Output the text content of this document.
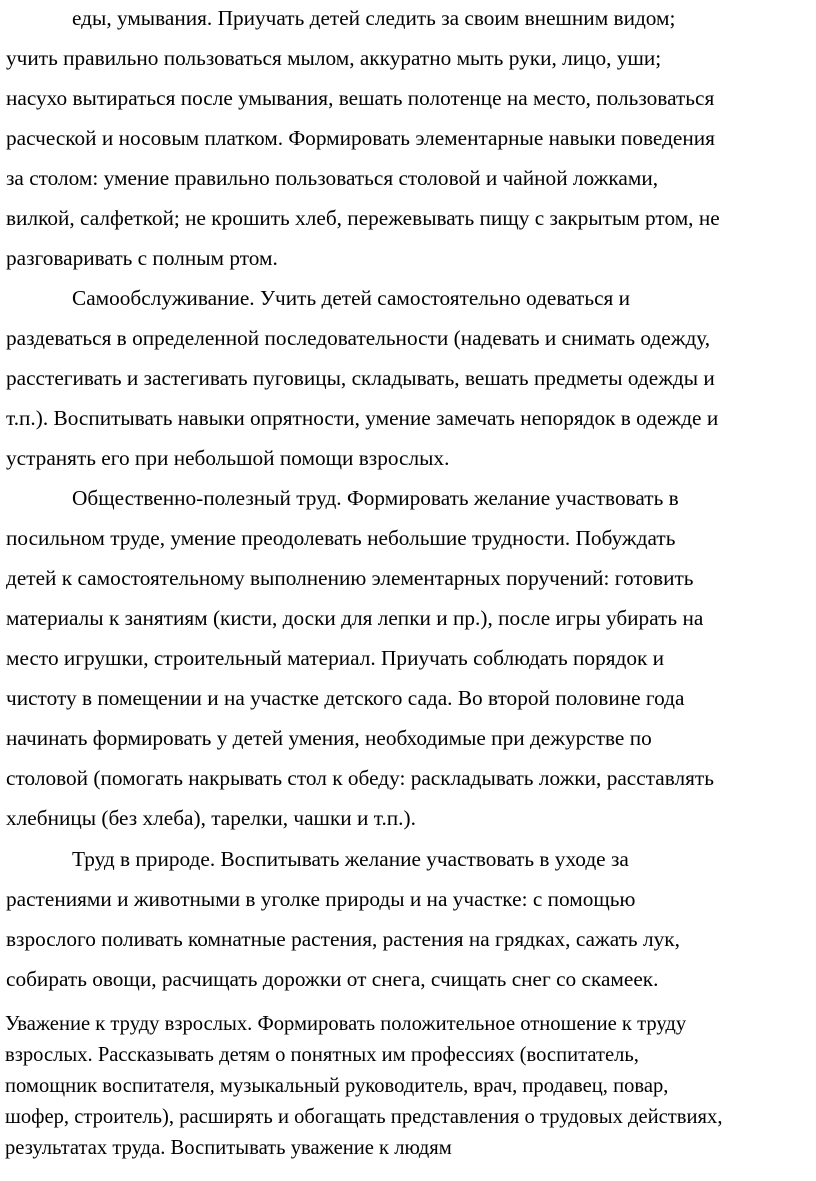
еды, умывания. Приучать детей следить за своим внешним видом;
учить правильно пользоваться мылом, аккуратно мыть руки, лицо, уши;
насухо вытираться после умывания, вешать полотенце на место, пользоваться
расческой и носовым платком. Формировать элементарные навыки поведения
за столом: умение правильно пользоваться столовой и чайной ложками,
вилкой, салфеткой; не крошить хлеб, пережевывать пищу с закрытым ртом, не
разговаривать с полным ртом.
Самообслуживание. Учить детей самостоятельно одеваться и
раздеваться в определенной последовательности (надевать и снимать одежду,
расстегивать и застегивать пуговицы, складывать, вешать предметы одежды и
т.п.). Воспитывать навыки опрятности, умение замечать непорядок в одежде и
устранять его при небольшой помощи взрослых.
Общественно-полезный труд. Формировать желание участвовать в
посильном труде, умение преодолевать небольшие трудности. Побуждать
детей к самостоятельному выполнению элементарных поручений: готовить
материалы к занятиям (кисти, доски для лепки и пр.), после игры убирать на
место игрушки, строительный материал. Приучать соблюдать порядок и
чистоту в помещении и на участке детского сада. Во второй половине года
начинать формировать у детей умения, необходимые при дежурстве по
столовой (помогать накрывать стол к обеду: раскладывать ложки, расставлять
хлебницы (без хлеба), тарелки, чашки и т.п.).
Труд в природе. Воспитывать желание участвовать в уходе за
растениями и животными в уголке природы и на участке: с помощью
взрослого поливать комнатные растения, растения на грядках, сажать лук,
собирать овощи, расчищать дорожки от снега, счищать снег со скамеек.
Уважение к труду взрослых. Формировать положительное отношение к труду
взрослых. Рассказывать детям о понятных им профессиях (воспитатель,
помощник воспитателя, музыкальный руководитель, врач, продавец, повар,
шофер, строитель), расширять и обогащать представления о трудовых действиях,
результатах труда. Воспитывать уважение к людям
